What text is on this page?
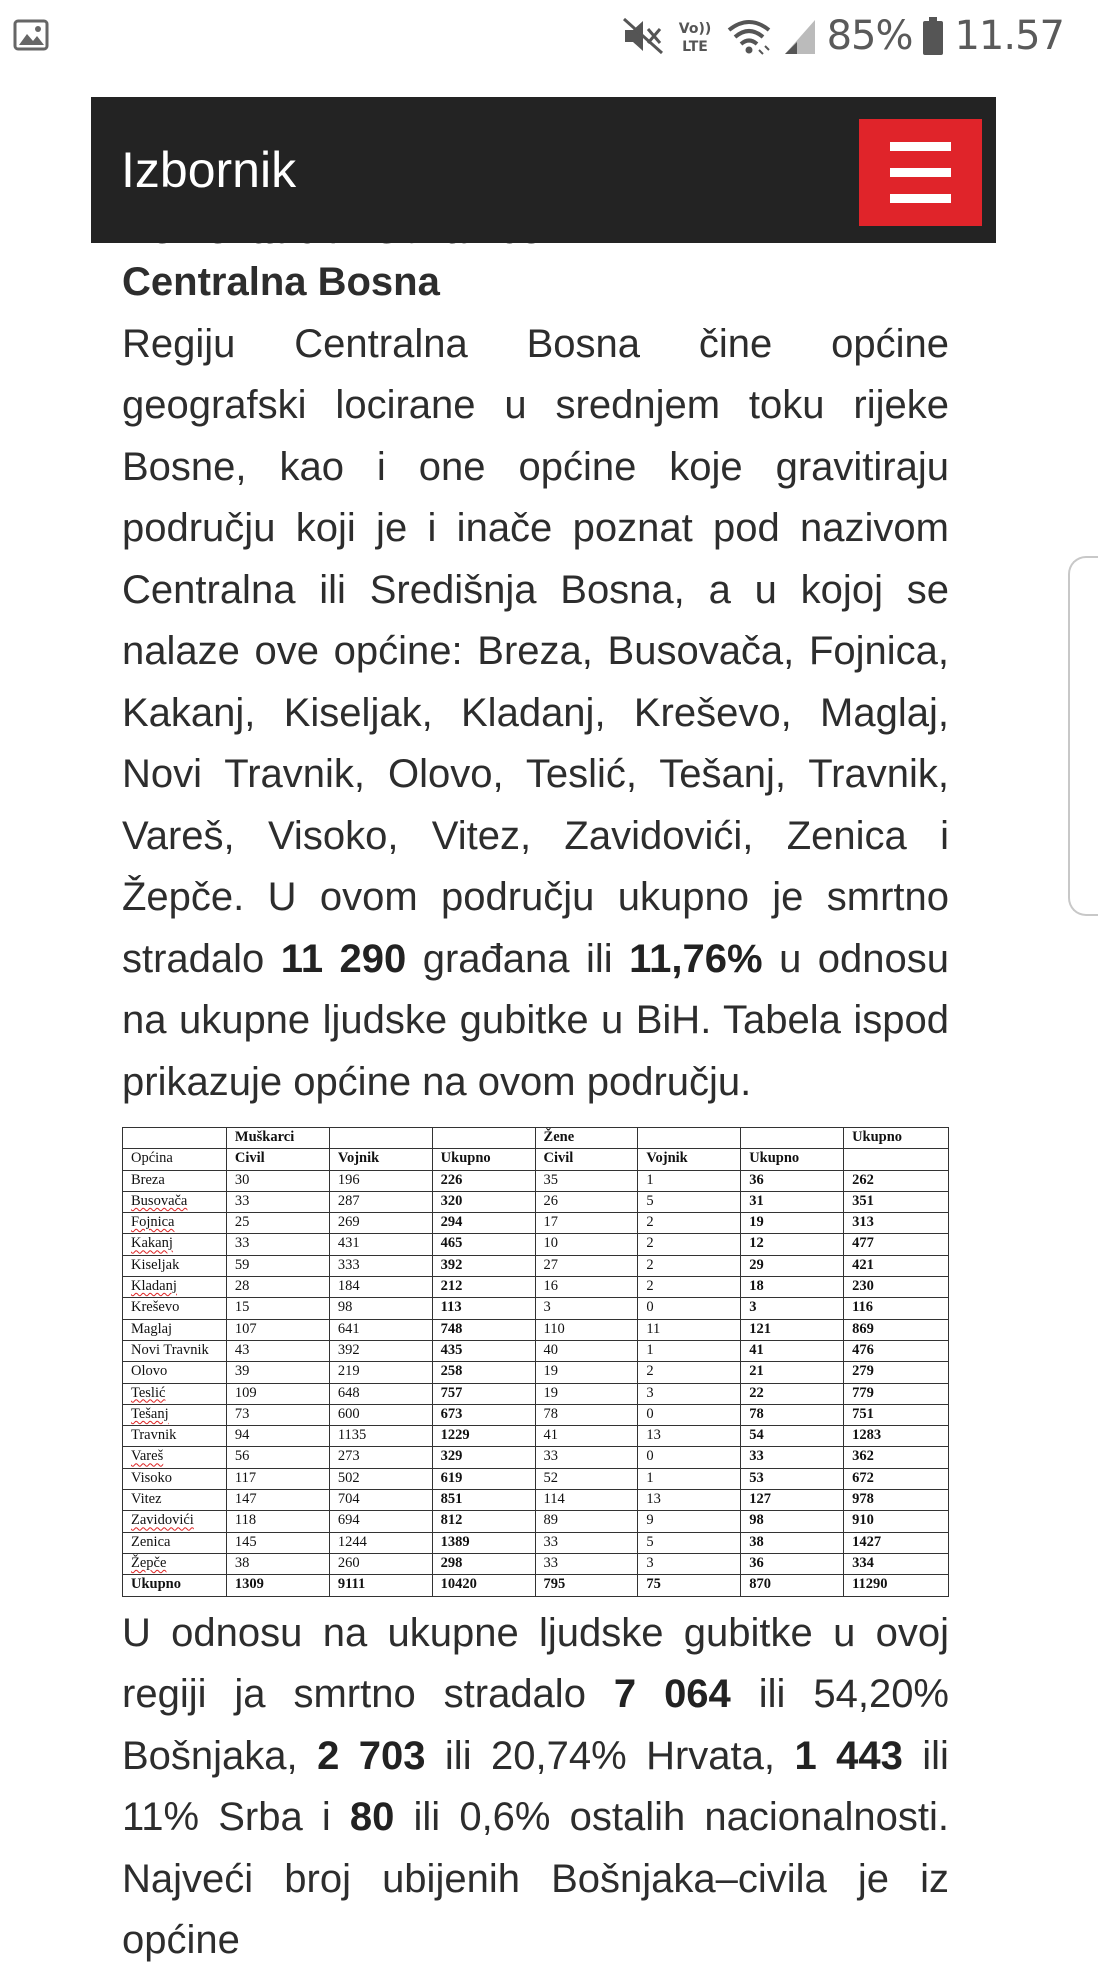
Vo))
LTE	85% 11.57
Izbornik
Centralna Bosna

Regiju Centralna Bosna čine općine geografski locirane u srednjem toku rijeke Bosne, kao i one općine koje gravitiraju području koji je i inače poznat pod nazivom Centralna ili Središnja Bosna, a u kojoj se nalaze ove općine: Breza, Busovača, Fojnica, Kakanj, Kiseljak, Kladanj, Kreševo, Maglaj, Novi Travnik, Olovo, Teslić, Tešanj, Travnik, Vareš, Visoko, Vitez, Zavidovići, Zenica i Žepče. U ovom području ukupno je smrtno stradalo 11 290 građana ili 11,76% u odnosu na ukupne ljudske gubitke u BiH. Tabela ispod prikazuje općine na ovom području.

	Muškarci			Žene			Ukupno
Općina	Civil	Vojnik	Ukupno	Civil	Vojnik	Ukupno	
Breza	30	196	226	35	1	36	262
Busovača	33	287	320	26	5	31	351
Fojnica	25	269	294	17	2	19	313
Kakanj	33	431	465	10	2	12	477
Kiseljak	59	333	392	27	2	29	421
Kladanj	28	184	212	16	2	18	230
Kreševo	15	98	113	3	0	3	116
Maglaj	107	641	748	110	11	121	869
Novi Travnik	43	392	435	40	1	41	476
Olovo	39	219	258	19	2	21	279
Teslić	109	648	757	19	3	22	779
Tešanj	73	600	673	78	0	78	751
Travnik	94	1135	1229	41	13	54	1283
Vareš	56	273	329	33	0	33	362
Visoko	117	502	619	52	1	53	672
Vitez	147	704	851	114	13	127	978
Zavidovići	118	694	812	89	9	98	910
Zenica	145	1244	1389	33	5	38	1427
Žepče	38	260	298	33	3	36	334
Ukupno	1309	9111	10420	795	75	870	11290

U odnosu na ukupne ljudske gubitke u ovoj regiji ja smrtno stradalo 7 064 ili 54,20% Bošnjaka, 2 703 ili 20,74% Hrvata, 1 443 ili 11% Srba i 80 ili 0,6% ostalih nacionalnosti. Najveći broj ubijenih Bošnjaka–civila je iz općine
